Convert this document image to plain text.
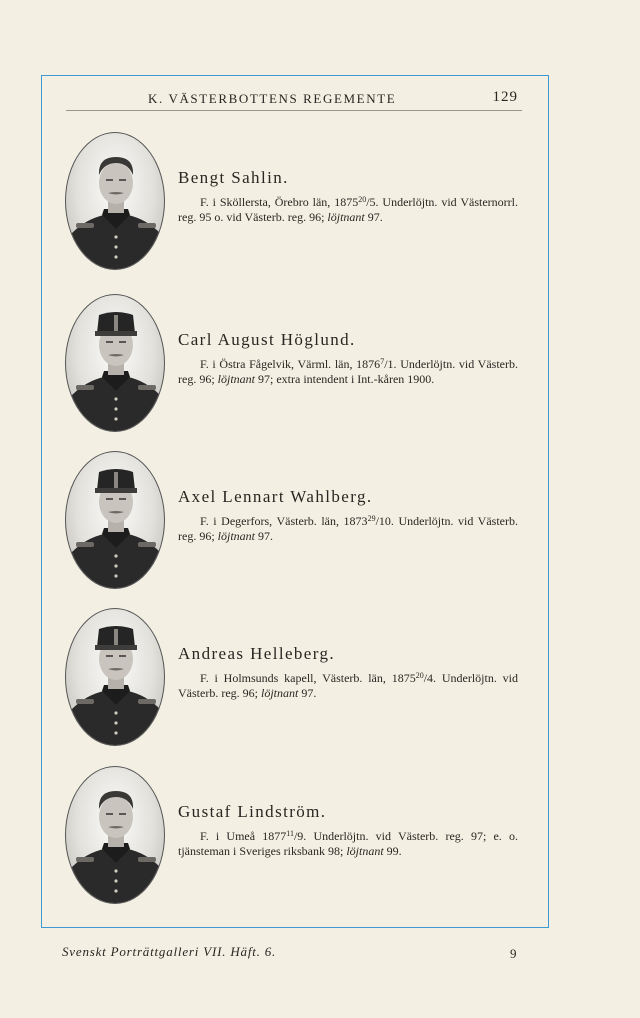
K. VÄSTERBOTTENS REGEMENTE	129

Bengt Sahlin.

F. i Sköllersta, Örebro län, 1875$^{20}$/5. Underlöjtn. vid Västernorrl. reg. 95 o. vid Västerb. reg. 96; löjtnant 97.

Carl August Höglund.

F. i Östra Fågelvik, Värml. län, 1876$^7$/1. Underlöjtn. vid Västerb. reg. 96; löjtnant 97; extra intendent i Int.-kåren 1900.

Axel Lennart Wahlberg.

F. i Degerfors, Västerb. län, 1873$^{29}$/10. Underlöjtn. vid Västerb. reg. 96; löjtnant 97.

Andreas Helleberg.

F. i Holmsunds kapell, Västerb. län, 1875$^{20}$/4. Underlöjtn. vid Västerb. reg. 96; löjtnant 97.

Gustaf Lindström.

F. i Umeå 1877$^{11}$/9. Underlöjtn. vid Västerb. reg. 97; e. o. tjänsteman i Sveriges riksbank 98; löjtnant 99.

Svenskt Porträttgalleri VII. Häft. 6.	9
